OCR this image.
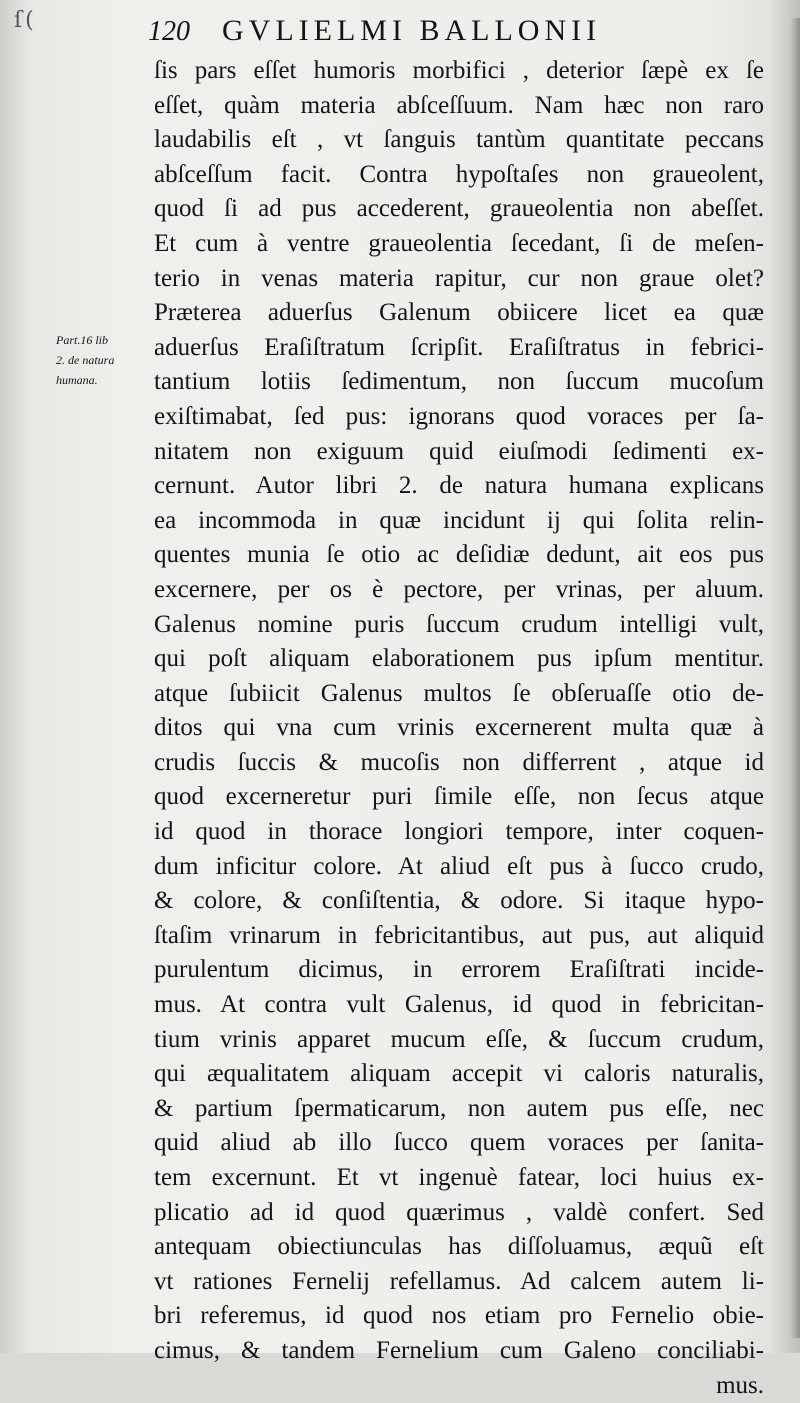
ſ (	120 GVLIELMI BALLONII
Part.16 lib
2. de natura
humana.
ſis pars eſſet humoris morbifici , deterior ſæpè ex ſe
eſſet, quàm materia abſceſſuum. Nam hæc non raro
laudabilis eſt , vt ſanguis tantùm quantitate peccans
abſceſſum facit. Contra hypoſtaſes non graueolent,
quod ſi ad pus accederent, graueolentia non abeſſet.
Et cum à ventre graueolentia ſecedant, ſi de meſen-
terio in venas materia rapitur, cur non graue olet?
Præterea aduerſus Galenum obiicere licet ea quæ
aduerſus Eraſiſtratum ſcripſit. Eraſiſtratus in febrici-
tantium lotiis ſedimentum, non ſuccum mucoſum
exiſtimabat, ſed pus: ignorans quod voraces per ſa-
nitatem non exiguum quid eiuſmodi ſedimenti ex-
cernunt. Autor libri 2. de natura humana explicans
ea incommoda in quæ incidunt ij qui ſolita relin-
quentes munia ſe otio ac deſidiæ dedunt, ait eos pus
excernere, per os è pectore, per vrinas, per aluum.
Galenus nomine puris ſuccum crudum intelligi vult,
qui poſt aliquam elaborationem pus ipſum mentitur.
atque ſubiicit Galenus multos ſe obſeruaſſe otio de-
ditos qui vna cum vrinis excernerent multa quæ à
crudis ſuccis & mucoſis non differrent , atque id
quod excerneretur puri ſimile eſſe, non ſecus atque
id quod in thorace longiori tempore, inter coquen-
dum inficitur colore. At aliud eſt pus à ſucco crudo,
& colore, & conſiſtentia, & odore. Si itaque hypo-
ſtaſim vrinarum in febricitantibus, aut pus, aut aliquid
purulentum dicimus, in errorem Eraſiſtrati incide-
mus. At contra vult Galenus, id quod in febricitan-
tium vrinis apparet mucum eſſe, & ſuccum crudum,
qui æqualitatem aliquam accepit vi caloris naturalis,
& partium ſpermaticarum, non autem pus eſſe, nec
quid aliud ab illo ſucco quem voraces per ſanita-
tem excernunt. Et vt ingenuè fatear, loci huius ex-
plicatio ad id quod quærimus , valdè confert. Sed
antequam obiectiunculas has diſſoluamus, æquũ eſt
vt rationes Fernelij refellamus. Ad calcem autem li-
bri referemus, id quod nos etiam pro Fernelio obie-
cimus, & tandem Fernelium cum Galeno conciliabi-
mus.
